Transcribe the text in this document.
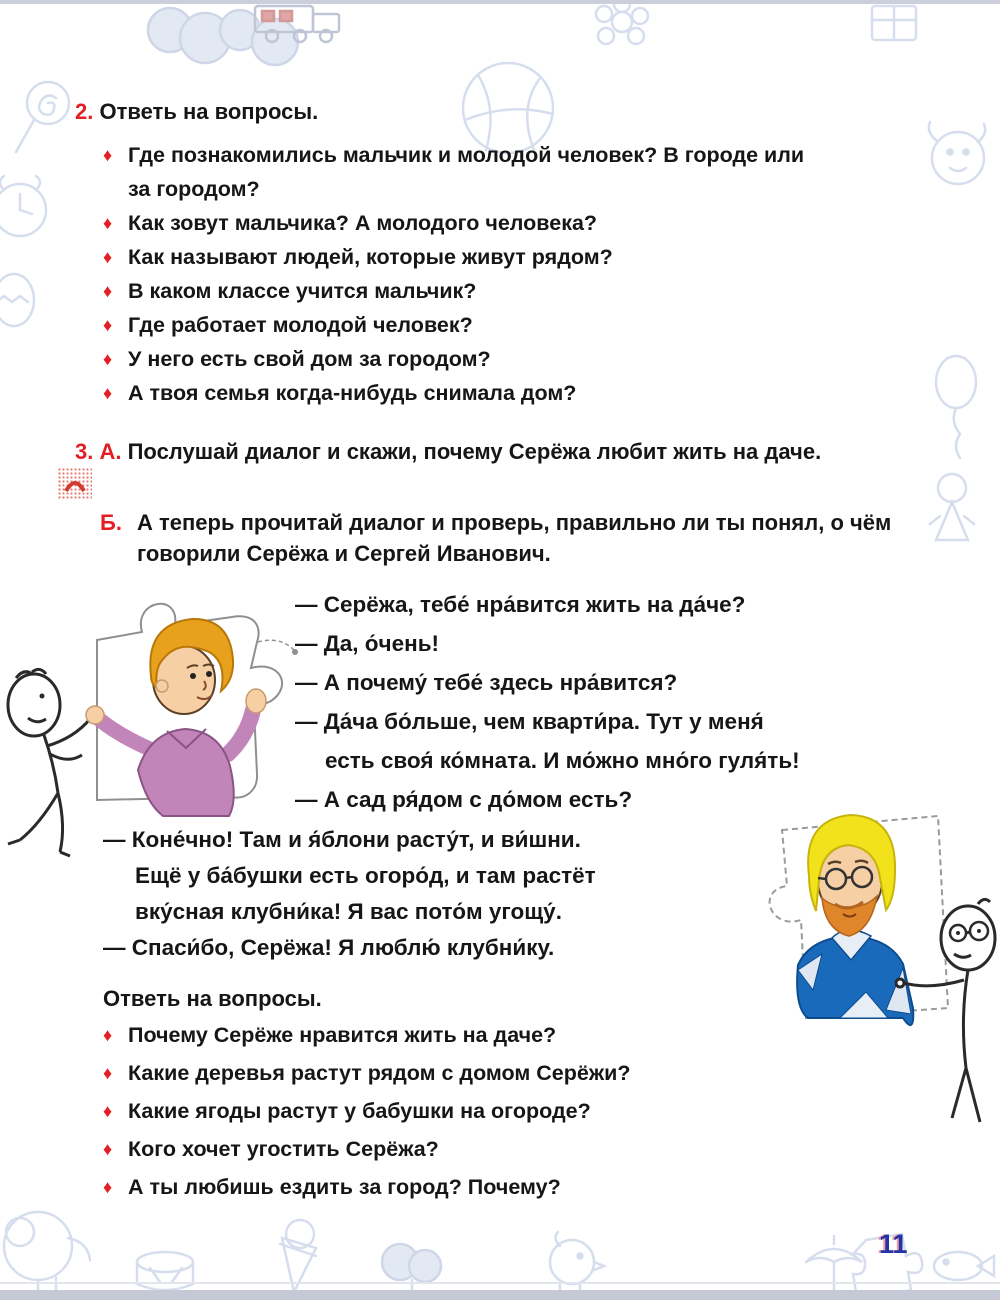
2. Ответь на вопросы.
♦ Где познакомились мальчик и молодой человек? В городе или
за городом?
♦ Как зовут мальчика? А молодого человека?
♦ Как называют людей, которые живут рядом?
♦ В каком классе учится мальчик?
♦ Где работает молодой человек?
♦ У него есть свой дом за городом?
♦ А твоя семья когда-нибудь снимала дом?
3. А. Послушай диалог и скажи, почему Серёжа любит жить на даче.
Б. А теперь прочитай диалог и проверь, правильно ли ты понял, о чём
говорили Серёжа и Сергей Иванович.
— Серёжа, тебе́ нра́вится жить на да́че?
— Да, о́чень!
— А почему́ тебе́ здесь нра́вится?
— Да́ча бо́льше, чем кварти́ра. Тут у меня́
есть своя́ ко́мната. И мо́жно мно́го гуля́ть!
— А сад ря́дом с до́мом есть?
— Коне́чно! Там и я́блони расту́т, и ви́шни.
Ещё у ба́бушки есть огоро́д, и там растёт
вку́сная клубни́ка! Я вас пото́м угощу́.
— Спаси́бо, Серёжа! Я люблю́ клубни́ку.
Ответь на вопросы.
♦ Почему Серёже нравится жить на даче?
♦ Какие деревья растут рядом с домом Серёжи?
♦ Какие ягоды растут у бабушки на огороде?
♦ Кого хочет угостить Серёжа?
♦ А ты любишь ездить за город? Почему?
11
